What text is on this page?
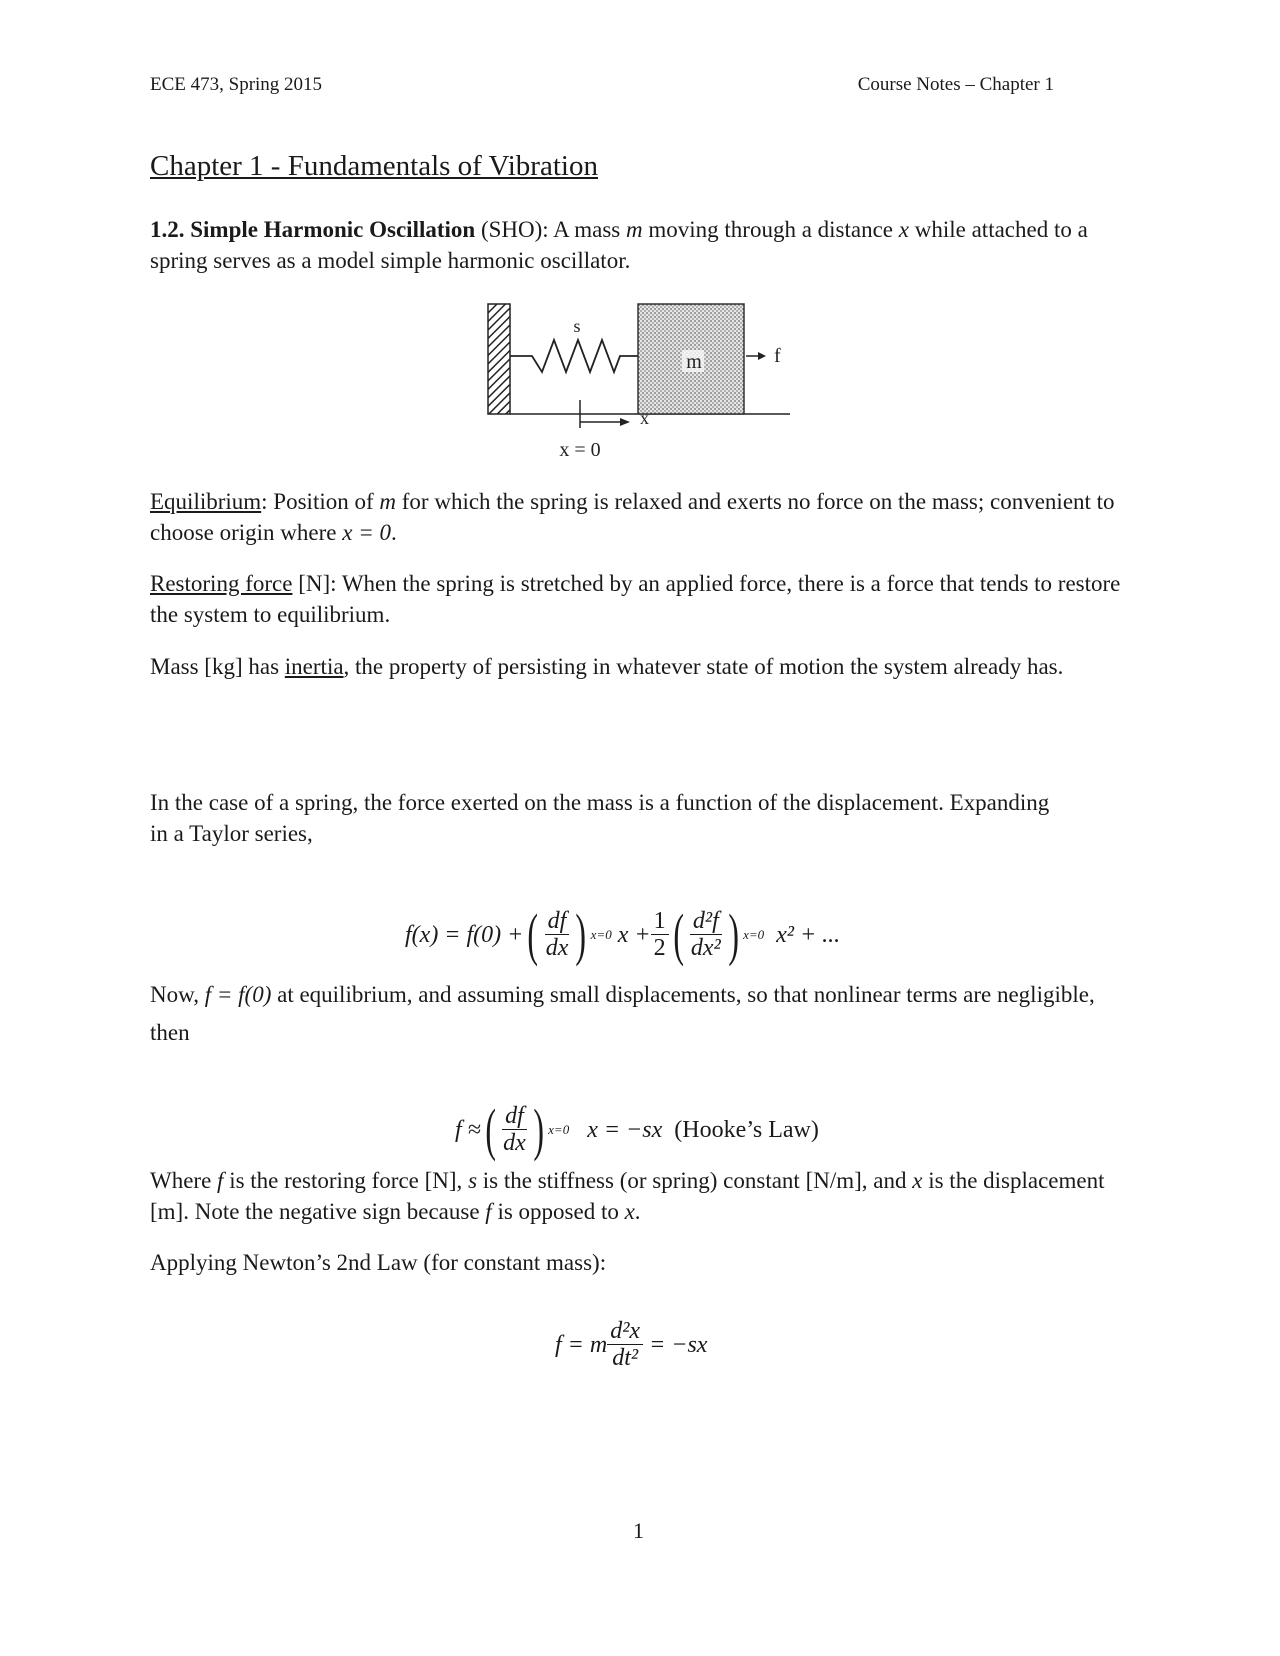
ECE 473, Spring 2015	Course Notes – Chapter 1
Chapter 1 - Fundamentals of Vibration
1.2. Simple Harmonic Oscillation (SHO): A mass m moving through a distance x while attached to a spring serves as a model simple harmonic oscillator.
m
s
f
x
x = 0
Equilibrium: Position of m for which the spring is relaxed and exerts no force on the mass; convenient to choose origin where x = 0.
Restoring force [N]: When the spring is stretched by an applied force, there is a force that tends to restore the system to equilibrium.
Mass [kg] has inertia, the property of persisting in whatever state of motion the system already has.
In the case of a spring, the force exerted on the mass is a function of the displacement. Expanding in a Taylor series,
f(x) = f(0) + ( $\frac{df}{dx}$ ) x=0 $x + \frac{1}{2}$ ( $\frac{\text{d²f}}{\text{dx²}}$ ) x=0 x² + ...
Now, f = f(0) at equilibrium, and assuming small displacements, so that nonlinear terms are negligible, then
f ≈ ( $\frac{df}{dx}$ ) x=0 x = −sx (Hooke’s Law)
Where f is the restoring force [N], s is the stiffness (or spring) constant [N/m], and x is the displacement [m]. Note the negative sign because f is opposed to x.
Applying Newton’s 2nd Law (for constant mass):
f = m $\frac{\text{d²x}}{\text{dt²}} = -sx$
1
